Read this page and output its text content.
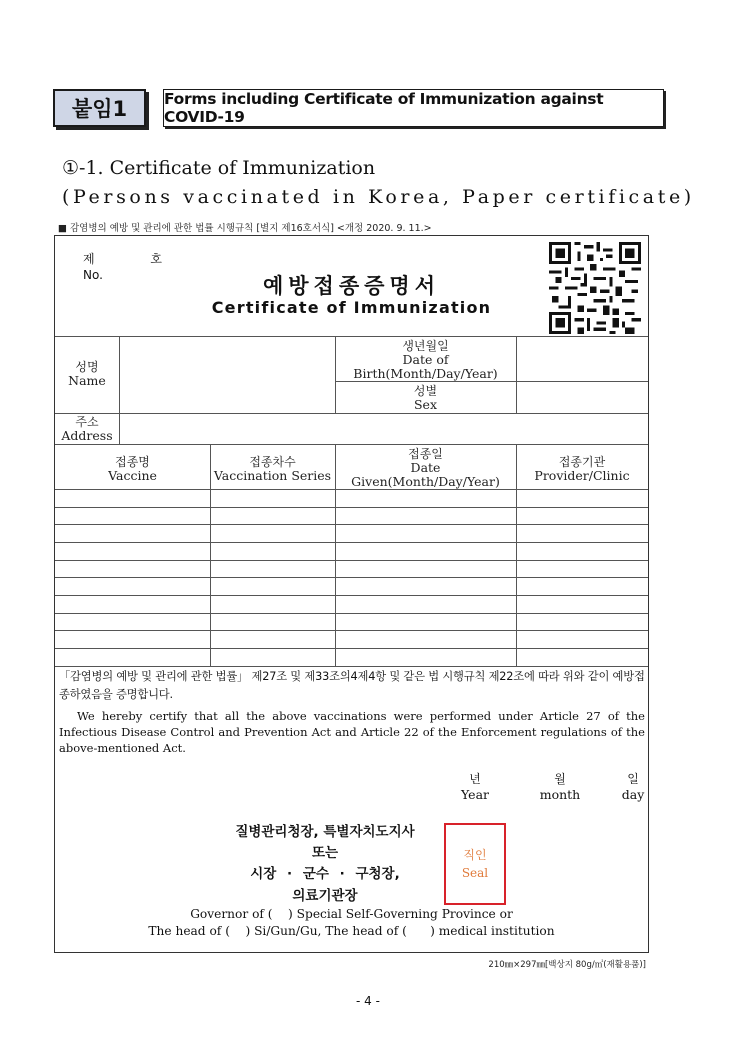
붙임1	Forms including Certificate of Immunization against COVID-19
①-1. Certificate of Immunization
(Persons vaccinated in Korea, Paper certificate)
■ 감염병의 예방 및 관리에 관한 법률 시행규칙 [별지 제16호서식] <개정 2020. 9. 11.>
제 호
No.	예방접종증명서
Certificate of Immunization
성명
Name
생년월일
Date of
Birth(Month/Day/Year)
성별
Sex
주소
Address
접종명
Vaccine
접종차수
Vaccination Series
접종일
Date
Given(Month/Day/Year)
접종기관
Provider/Clinic
「감염병의 예방 및 관리에 관한 법률」 제27조 및 제33조의4제4항 및 같은 법 시행규칙 제22조에 따라 위와 같이 예방접종하였음을 증명합니다.
We hereby certify that all the above vaccinations were performed under Article 27 of the Infectious Disease Control and Prevention Act and Article 22 of the Enforcement regulations of the above-mentioned Act.
년
Year
월
month
일
day
질병관리청장, 특별자치도지사
또는
시장 · 군수 · 구청장,
의료기관장
직인
Seal
Governor of (    ) Special Self-Governing Province or
The head of (    ) Si/Gun/Gu, The head of (      ) medical institution
210㎜×297㎜[백상지 80g/㎡(재활용품)]
- 4 -
